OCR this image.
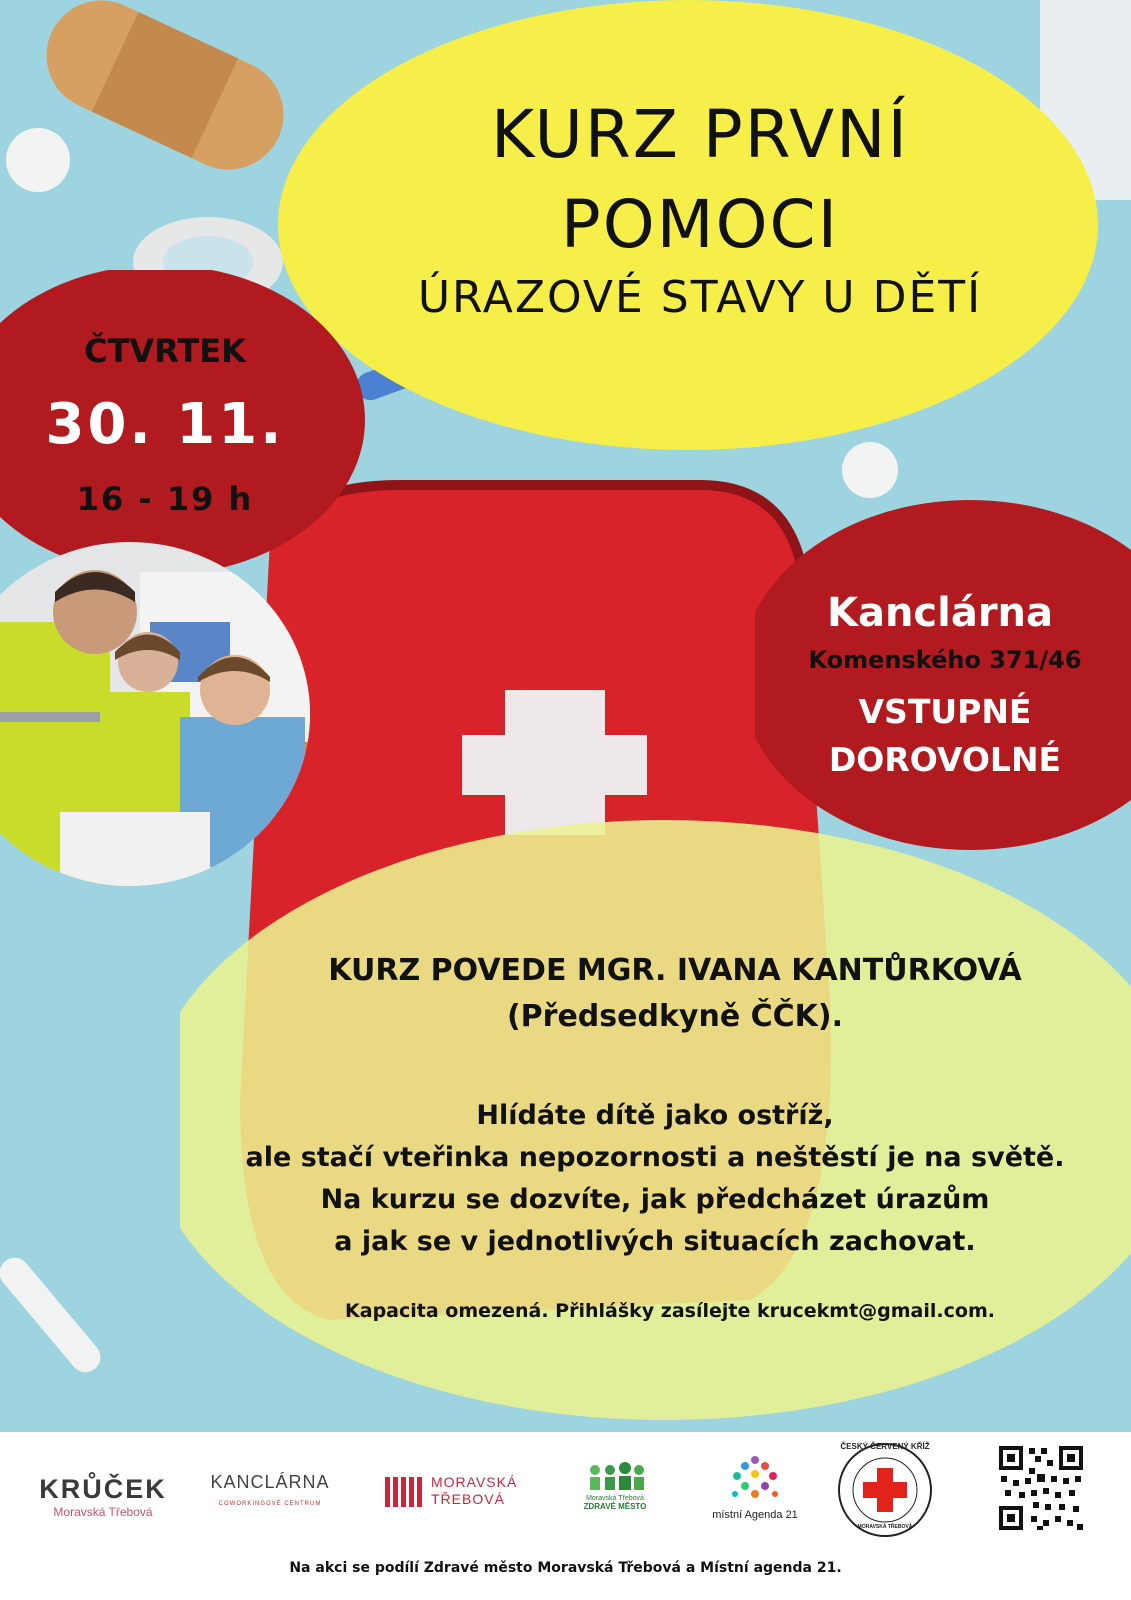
KURZ PRVNÍ
POMOCI
ÚRAZOVÉ STAVY U DĚTÍ
ČTVRTEK
30. 11.
16 - 19 h
Kanclárna
Komenského 371/46
VSTUPNÉ
DOROVOLNÉ
KURZ POVEDE MGR. IVANA KANTŮRKOVÁ
(Předsedkyně ČČK).
Hlídáte dítě jako ostříž,
ale stačí vteřinka nepozornosti a neštěstí je na světě.
Na kurzu se dozvíte, jak předcházet úrazům
a jak se v jednotlivých situacích zachovat.
Kapacita omezená. Přihlášky zasílejte krucekmt@gmail.com.
KRŮČEK
Moravská Třebová
KANCLÁRNA
COWORKINGOVÉ CENTRUM
MORAVSKÁ
TŘEBOVÁ	Moravská Třebová
ZDRAVÉ MĚSTO
místní Agenda 21
ČESKÝ ČERVENÝ KŘÍŽ
MORAVSKÁ TŘEBOVÁ
Na akci se podílí Zdravé město Moravská Třebová a Místní agenda 21.
